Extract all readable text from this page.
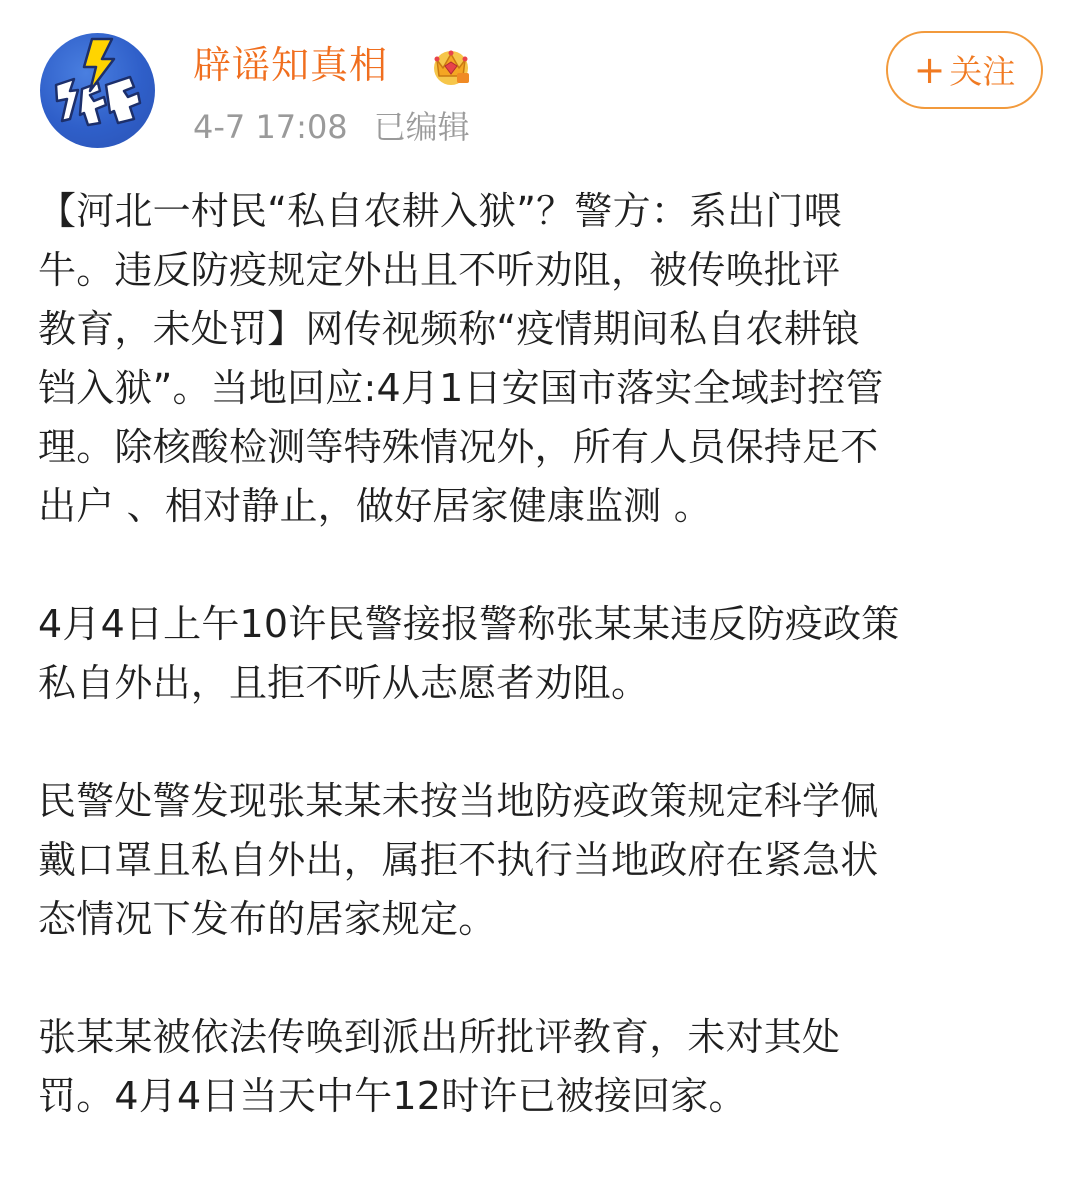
辟谣知真相
4-7 17:08 已编辑
+ 关注

【河北一村民“私自农耕入狱”？警方：系出门喂
牛。违反防疫规定外出且不听劝阻，被传唤批评
教育，未处罚】网传视频称“疫情期间私自农耕锒
铛入狱”。当地回应:4月1日安国市落实全域封控管
理。除核酸检测等特殊情况外，所有人员保持足不
出户 、相对静止，做好居家健康监测 。

4月4日上午10许民警接报警称张某某违反防疫政策
私自外出，且拒不听从志愿者劝阻。

民警处警发现张某某未按当地防疫政策规定科学佩
戴口罩且私自外出，属拒不执行当地政府在紧急状
态情况下发布的居家规定。

张某某被依法传唤到派出所批评教育，未对其处
罚。4月4日当天中午12时许已被接回家。
